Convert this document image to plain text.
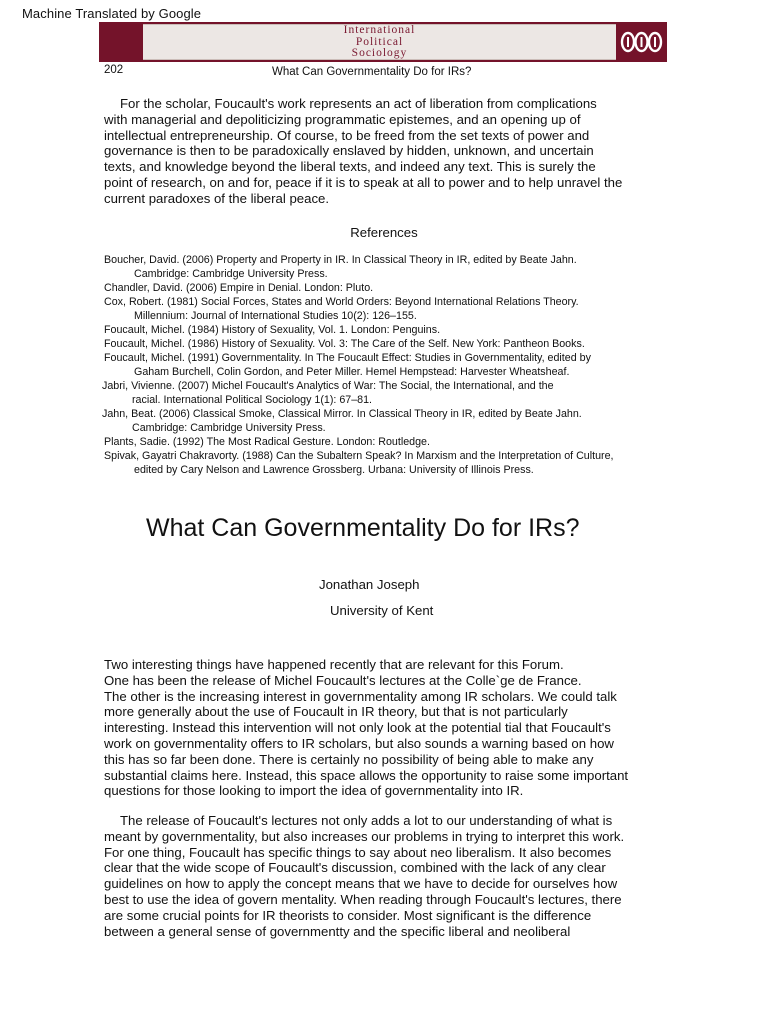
Machine Translated by Google
International
Political
Sociology
202	What Can Governmentality Do for IRs?
For the scholar, Foucault's work represents an act of liberation from complications
with managerial and depoliticizing programmatic epistemes, and an opening up of
intellectual entrepreneurship. Of course, to be freed from the set texts of power and
governance is then to be paradoxically enslaved by hidden, unknown, and uncertain
texts, and knowledge beyond the liberal texts, and indeed any text. This is surely the
point of research, on and for, peace if it is to speak at all to power and to help unravel the
current paradoxes of the liberal peace.
References
Boucher, David. (2006) Property and Property in IR. In Classical Theory in IR, edited by Beate Jahn.
Cambridge: Cambridge University Press.
Chandler, David. (2006) Empire in Denial. London: Pluto.
Cox, Robert. (1981) Social Forces, States and World Orders: Beyond International Relations Theory.
Millennium: Journal of International Studies 10(2): 126–155.
Foucault, Michel. (1984) History of Sexuality, Vol. 1. London: Penguins.
Foucault, Michel. (1986) History of Sexuality. Vol. 3: The Care of the Self. New York: Pantheon Books.
Foucault, Michel. (1991) Governmentality. In The Foucault Effect: Studies in Governmentality, edited by
Gaham Burchell, Colin Gordon, and Peter Miller. Hemel Hempstead: Harvester Wheatsheaf.
Jabri, Vivienne. (2007) Michel Foucault's Analytics of War: The Social, the International, and the
racial. International Political Sociology 1(1): 67–81.
Jahn, Beat. (2006) Classical Smoke, Classical Mirror. In Classical Theory in IR, edited by Beate Jahn.
Cambridge: Cambridge University Press.
Plants, Sadie. (1992) The Most Radical Gesture. London: Routledge.
Spivak, Gayatri Chakravorty. (1988) Can the Subaltern Speak? In Marxism and the Interpretation of Culture,
edited by Cary Nelson and Lawrence Grossberg. Urbana: University of Illinois Press.
What Can Governmentality Do for IRs?
Jonathan Joseph
University of Kent
Two interesting things have happened recently that are relevant for this Forum.
One has been the release of Michel Foucault's lectures at the Colle`ge de France.
The other is the increasing interest in governmentality among IR scholars. We could talk
more generally about the use of Foucault in IR theory, but that is not particularly
interesting. Instead this intervention will not only look at the potential tial that Foucault's
work on governmentality offers to IR scholars, but also sounds a warning based on how
this has so far been done. There is certainly no possibility of being able to make any
substantial claims here. Instead, this space allows the opportunity to raise some important
questions for those looking to import the idea of governmentality into IR.
The release of Foucault's lectures not only adds a lot to our understanding of what is
meant by governmentality, but also increases our problems in trying to interpret this work.
For one thing, Foucault has specific things to say about neo liberalism. It also becomes
clear that the wide scope of Foucault's discussion, combined with the lack of any clear
guidelines on how to apply the concept means that we have to decide for ourselves how
best to use the idea of govern mentality. When reading through Foucault's lectures, there
are some crucial points for IR theorists to consider. Most significant is the difference
between a general sense of governmentty and the specific liberal and neoliberal
